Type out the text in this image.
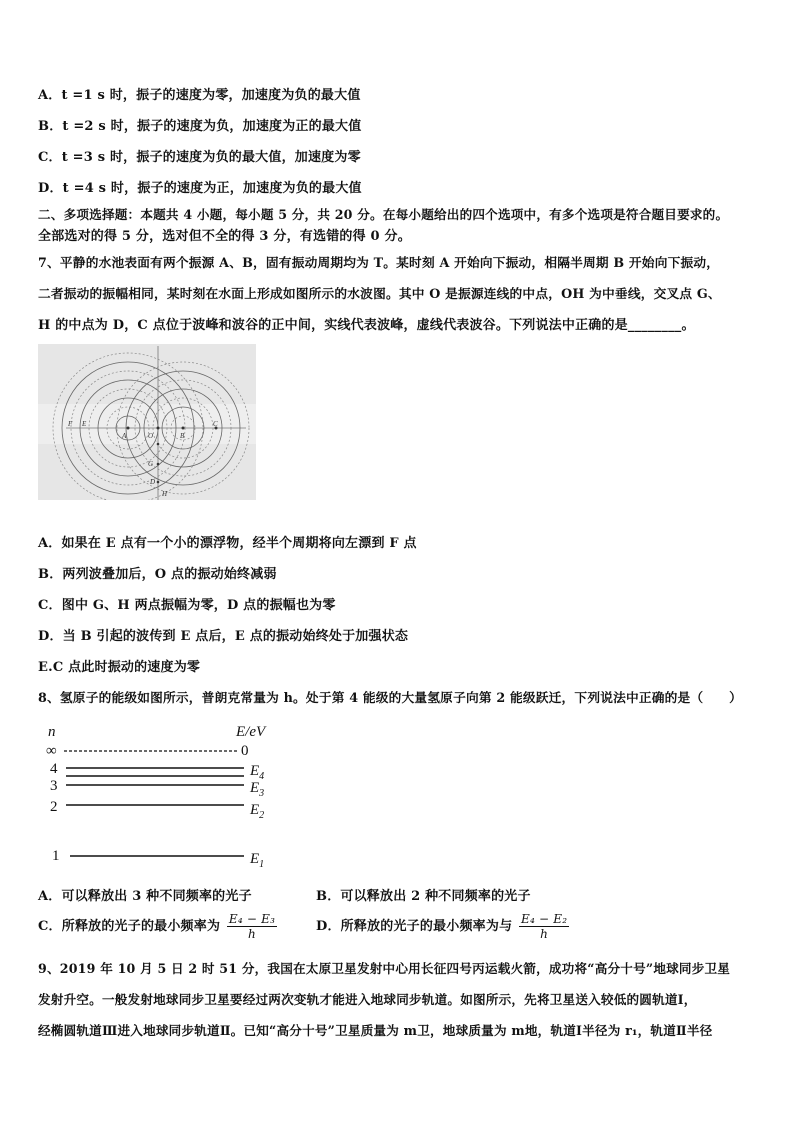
A．t =1 s 时，振子的速度为零，加速度为负的最大值
B．t =2 s 时，振子的速度为负，加速度为正的最大值
C．t =3 s 时，振子的速度为负的最大值，加速度为零
D．t =4 s 时，振子的速度为正，加速度为负的最大值
二、多项选择题：本题共 4 小题，每小题 5 分，共 20 分。在每小题给出的四个选项中，有多个选项是符合题目要求的。
全部选对的得 5 分，选对但不全的得 3 分，有选错的得 0 分。
7、平静的水池表面有两个振源 A、B，固有振动周期均为 T。某时刻 A 开始向下振动，相隔半周期 B 开始向下振动，
二者振动的振幅相同，某时刻在水面上形成如图所示的水波图。其中 O 是振源连线的中点，OH 为中垂线，交叉点 G、
H 的中点为 D，C 点位于波峰和波谷的正中间，实线代表波峰，虚线代表波谷。下列说法中正确的是________。
F E
A	O	B
C
G
D
H
A．如果在 E 点有一个小的漂浮物，经半个周期将向左漂到 F 点
B．两列波叠加后，O 点的振动始终减弱
C．图中 G、H 两点振幅为零，D 点的振幅也为零
D．当 B 引起的波传到 E 点后，E 点的振动始终处于加强状态
E.C 点此时振动的速度为零
8、氢原子的能级如图所示，普朗克常量为 h。处于第 4 能级的大量氢原子向第 2 能级跃迁，下列说法中正确的是（　　）
n	E/eV
∞	0
4
3
2
1
$E_4$
$E_3$
$E_2$
$E_1$
A．可以释放出 3 种不同频率的光子	B．可以释放出 2 种不同频率的光子
C．所释放的光子的最小频率为 $\frac{\text{E₄ − E₃}}{h}$	D．所释放的光子的最小频率为与 $\frac{\text{E₄ − E₂}}{h}$
9、2019 年 10 月 5 日 2 时 51 分，我国在太原卫星发射中心用长征四号丙运载火箭，成功将“高分十号”地球同步卫星
发射升空。一般发射地球同步卫星要经过两次变轨才能进入地球同步轨道。如图所示，先将卫星送入较低的圆轨道Ⅰ，
经椭圆轨道Ⅲ进入地球同步轨道Ⅱ。已知“高分十号”卫星质量为 m卫，地球质量为 m地，轨道Ⅰ半径为 r₁，轨道Ⅱ半径
